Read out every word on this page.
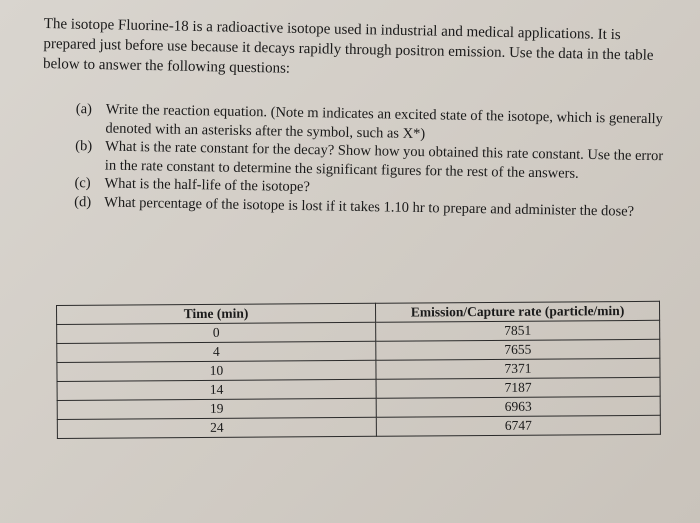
The isotope Fluorine-18 is a radioactive isotope used in industrial and medical applications. It is prepared just before use because it decays rapidly through positron emission. Use the data in the table below to answer the following questions:
(a) Write the reaction equation. (Note m indicates an excited state of the isotope, which is generally denoted with an asterisks after the symbol, such as X*)
(b) What is the rate constant for the decay? Show how you obtained this rate constant. Use the error in the rate constant to determine the significant figures for the rest of the answers.
(c) What is the half-life of the isotope?
(d) What percentage of the isotope is lost if it takes 1.10 hr to prepare and administer the dose?
Time (min)	Emission/Capture rate (particle/min)
0	7851
4	7655
10	7371
14	7187
19	6963
24	6747
